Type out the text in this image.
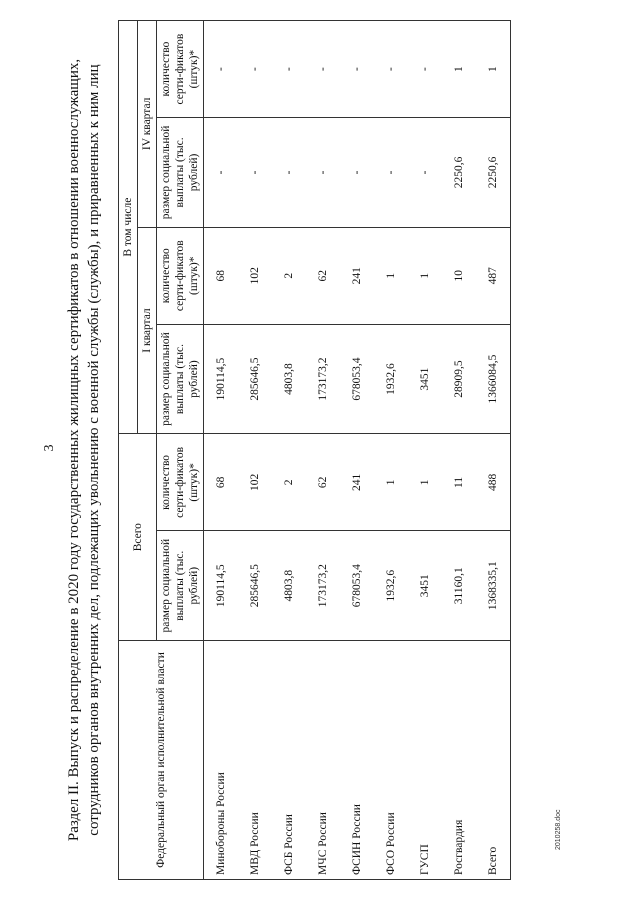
3 Раздел II. Выпуск и распределение в 2020 году государственных жилищных сертификатов в отношении военнослужащих, сотрудников органов внутренних дел, подлежащих увольнению с военной службы (службы), и приравненных к ним лиц	Федеральный орган исполнительной власти	Всего		В том числе			
			I квартал		IV квартал	
	размер социальной выплаты (тыс. рублей)	количество серти-фикатов (штук)*	размер социальной выплаты (тыс. рублей)	количество серти-фикатов (штук)*	размер социальной выплаты (тыс. рублей)	количество серти-фикатов (штук)*
Минобороны России	190114,5	68	190114,5	68	-	-
МВД России	285646,5	102	285646,5	102	-	-
ФСБ России	4803,8	2	4803,8	2	-	-
МЧС России	173173,2	62	173173,2	62	-	-
ФСИН России	678053,4	241	678053,4	241	-	-
ФСО России	1932,6	1	1932,6	1	-	-
ГУСП	3451	1	3451	1	-	-
Росгвардия	31160,1	11	28909,5	10	2250,6	1
Всего	1368335,1	488	1366084,5	487	2250,6	1
2010258.doc
